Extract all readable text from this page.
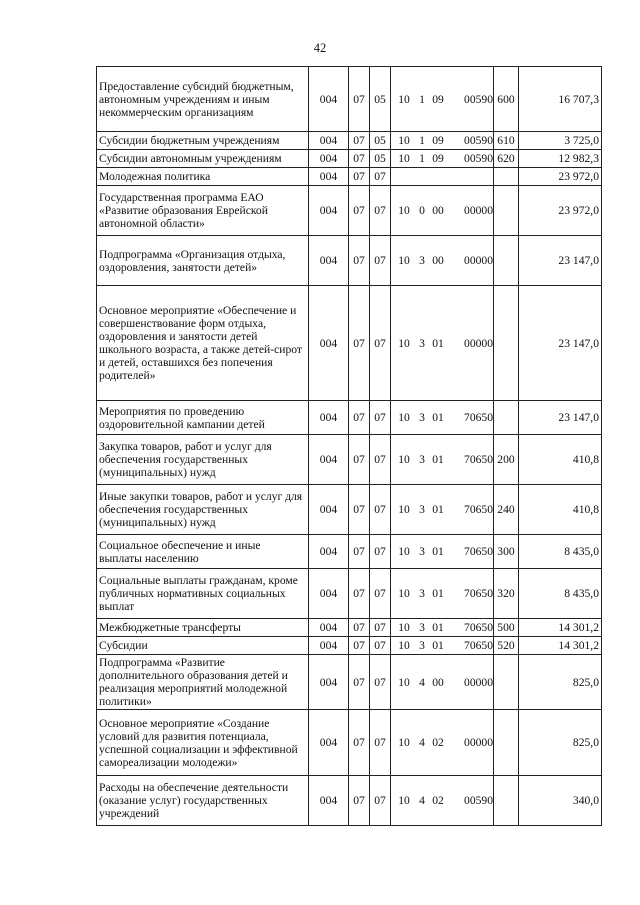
42
Предоставление субсидий бюджетным, автономным учреждениям и иным некоммерческим организациям	004	07	05	10 1 09 00590	600	16 707,3
Субсидии бюджетным учреждениям	004	07	05	10 1 09 00590	610	3 725,0
Субсидии автономным учреждениям	004	07	05	10 1 09 00590	620	12 982,3
Молодежная политика	004	07	07			23 972,0
Государственная программа ЕАО «Развитие образования Еврейской автономной области»	004	07	07	10 0 00 00000		23 972,0
Подпрограмма «Организация отдыха, оздоровления, занятости детей»	004	07	07	10 3 00 00000		23 147,0
Основное мероприятие «Обеспечение и совершенствование форм отдыха, оздоровления и занятости детей школьного возраста, а также детей-сирот и детей, оставшихся без попечения родителей»	004	07	07	10 3 01 00000		23 147,0
Мероприятия по проведению оздоровительной кампании детей	004	07	07	10 3 01 70650		23 147,0
Закупка товаров, работ и услуг для обеспечения государственных (муниципальных) нужд	004	07	07	10 3 01 70650	200	410,8
Иные закупки товаров, работ и услуг для обеспечения государственных (муниципальных) нужд	004	07	07	10 3 01 70650	240	410,8
Социальное обеспечение и иные выплаты населению	004	07	07	10 3 01 70650	300	8 435,0
Социальные выплаты гражданам, кроме публичных нормативных социальных выплат	004	07	07	10 3 01 70650	320	8 435,0
Межбюджетные трансферты	004	07	07	10 3 01 70650	500	14 301,2
Субсидии	004	07	07	10 3 01 70650	520	14 301,2
Подпрограмма «Развитие дополнительного образования детей и реализация мероприятий молодежной политики»	004	07	07	10 4 00 00000		825,0
Основное мероприятие «Создание условий для развития потенциала, успешной социализации и эффективной самореализации молодежи»	004	07	07	10 4 02 00000		825,0
Расходы на обеспечение деятельности (оказание услуг) государственных учреждений	004	07	07	10 4 02 00590		340,0
